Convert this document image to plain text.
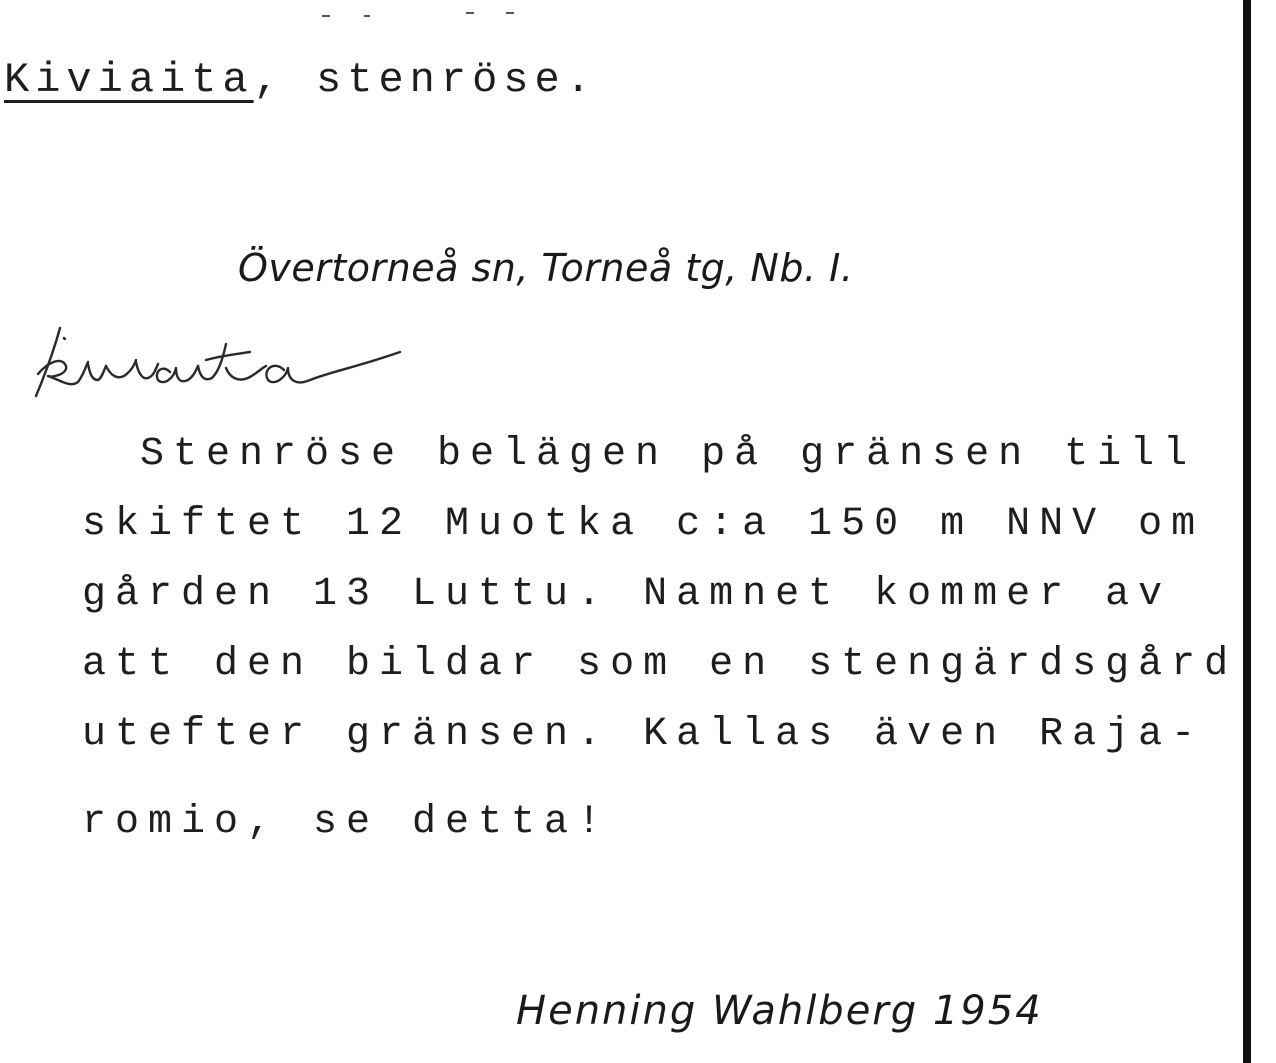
Kiviaita, stenröse.
Övertorneå sn, Torneå tg, Nb. I.
Stenröse belägen på gränsen till
skiftet 12 Muotka c:a 150 m NNV om
gården 13 Luttu. Namnet kommer av
att den bildar som en stengärdsgård
utefter gränsen. Kallas även Raja-
romio, se detta!
Henning Wahlberg 1954
